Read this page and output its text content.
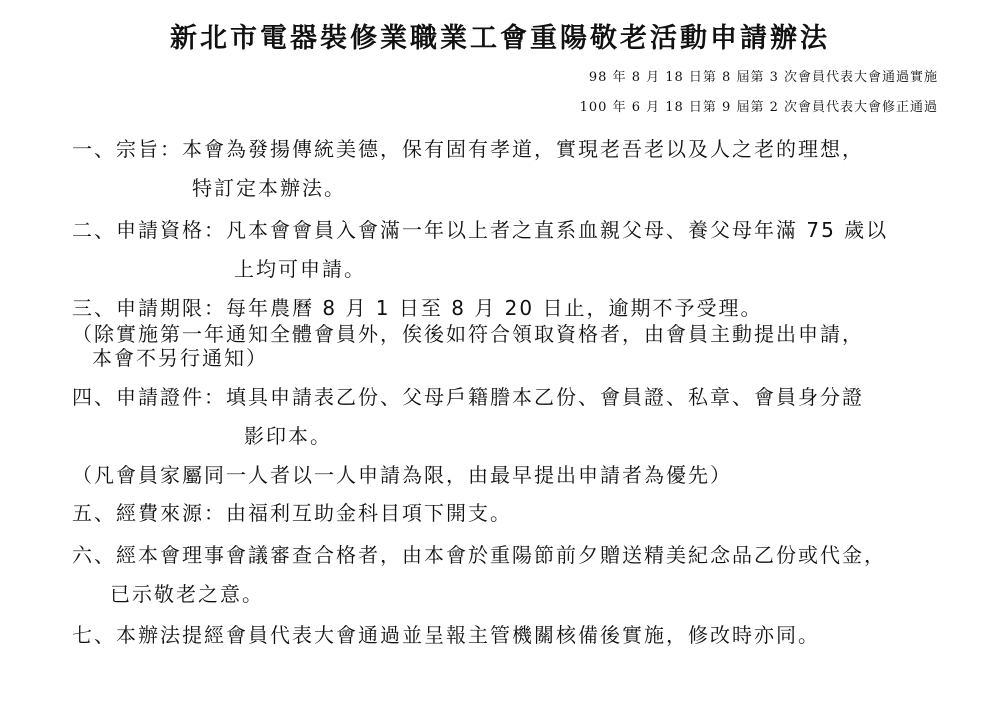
新北市電器裝修業職業工會重陽敬老活動申請辦法
98 年 8 月 18 日第 8 屆第 3 次會員代表大會通過實施
100 年 6 月 18 日第 9 屆第 2 次會員代表大會修正通過
一、宗旨：本會為發揚傳統美德，保有固有孝道，實現老吾老以及人之老的理想，
特訂定本辦法。
二、申請資格：凡本會會員入會滿一年以上者之直系血親父母、養父母年滿 75 歲以
上均可申請。
三、申請期限：每年農曆 8 月 1 日至 8 月 20 日止，逾期不予受理。
（除實施第一年通知全體會員外，俟後如符合領取資格者，由會員主動提出申請，
本會不另行通知）
四、申請證件：填具申請表乙份、父母戶籍謄本乙份、會員證、私章、會員身分證
影印本。
（凡會員家屬同一人者以一人申請為限，由最早提出申請者為優先）
五、經費來源：由福利互助金科目項下開支。
六、經本會理事會議審查合格者，由本會於重陽節前夕贈送精美紀念品乙份或代金，
已示敬老之意。
七、本辦法提經會員代表大會通過並呈報主管機關核備後實施，修改時亦同。
